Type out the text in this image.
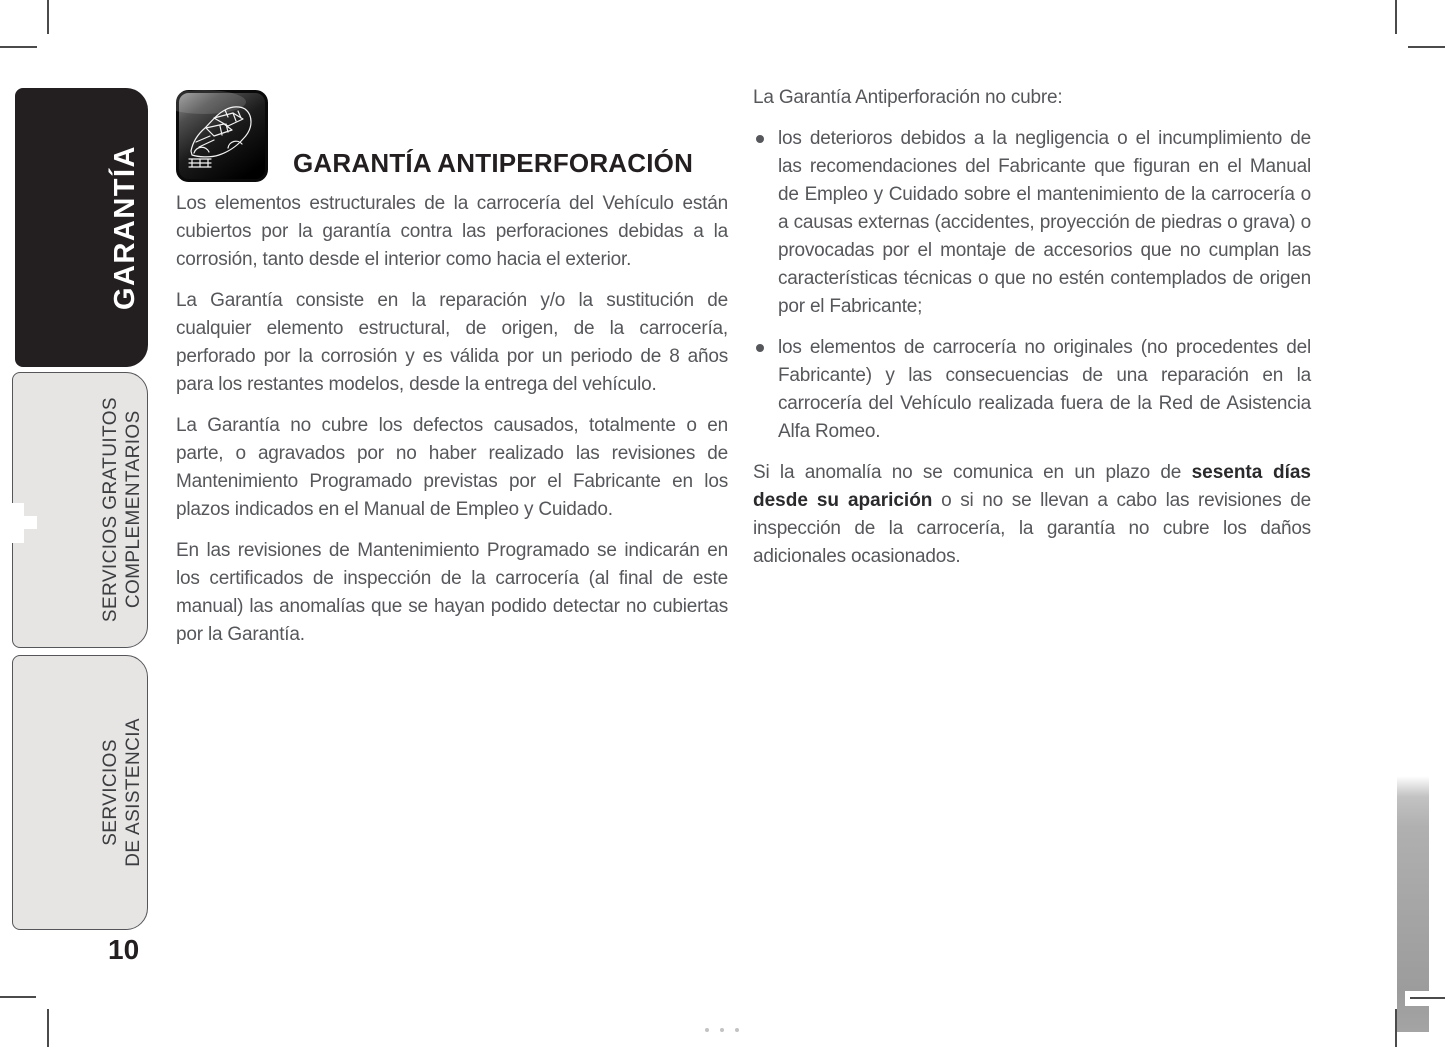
GARANTÍA
SERVICIOS GRATUITOS COMPLEMENTARIOS
SERVICIOS DE ASISTENCIA
10
GARANTÍA ANTIPERFORACIÓN

Los elementos estructurales de la carrocería del Vehículo están cubiertos por la garantía contra las perforaciones debidas a la corrosión, tanto desde el interior como hacia el exterior.

La Garantía consiste en la reparación y/o la sustitución de cualquier elemento estructural, de origen, de la carrocería, perforado por la corrosión y es válida por un periodo de 8 años para los restantes modelos, desde la entrega del vehículo.

La Garantía no cubre los defectos causados, totalmente o en parte, o agravados por no haber realizado las revisiones de Mantenimiento Programado previstas por el Fabricante en los plazos indicados en el Manual de Empleo y Cuidado.

En las revisiones de Mantenimiento Programado se indicarán en los certificados de inspección de la carrocería (al final de este manual) las anomalías que se hayan podido detectar no cubiertas por la Garantía.

La Garantía Antiperforación no cubre:

los deterioros debidos a la negligencia o el incumplimiento de las recomendaciones del Fabricante que figuran en el Manual de Empleo y Cuidado sobre el mantenimiento de la carrocería o a causas externas (accidentes, proyección de piedras o grava) o provocadas por el montaje de accesorios que no cumplan las características técnicas o que no estén contemplados de origen por el Fabricante;
los elementos de carrocería no originales (no procedentes del Fabricante) y las consecuencias de una reparación en la carrocería del Vehículo realizada fuera de la Red de Asistencia Alfa Romeo.

Si la anomalía no se comunica en un plazo de sesenta días desde su aparición o si no se llevan a cabo las revisiones de inspección de la carrocería, la garantía no cubre los daños adicionales ocasionados.
